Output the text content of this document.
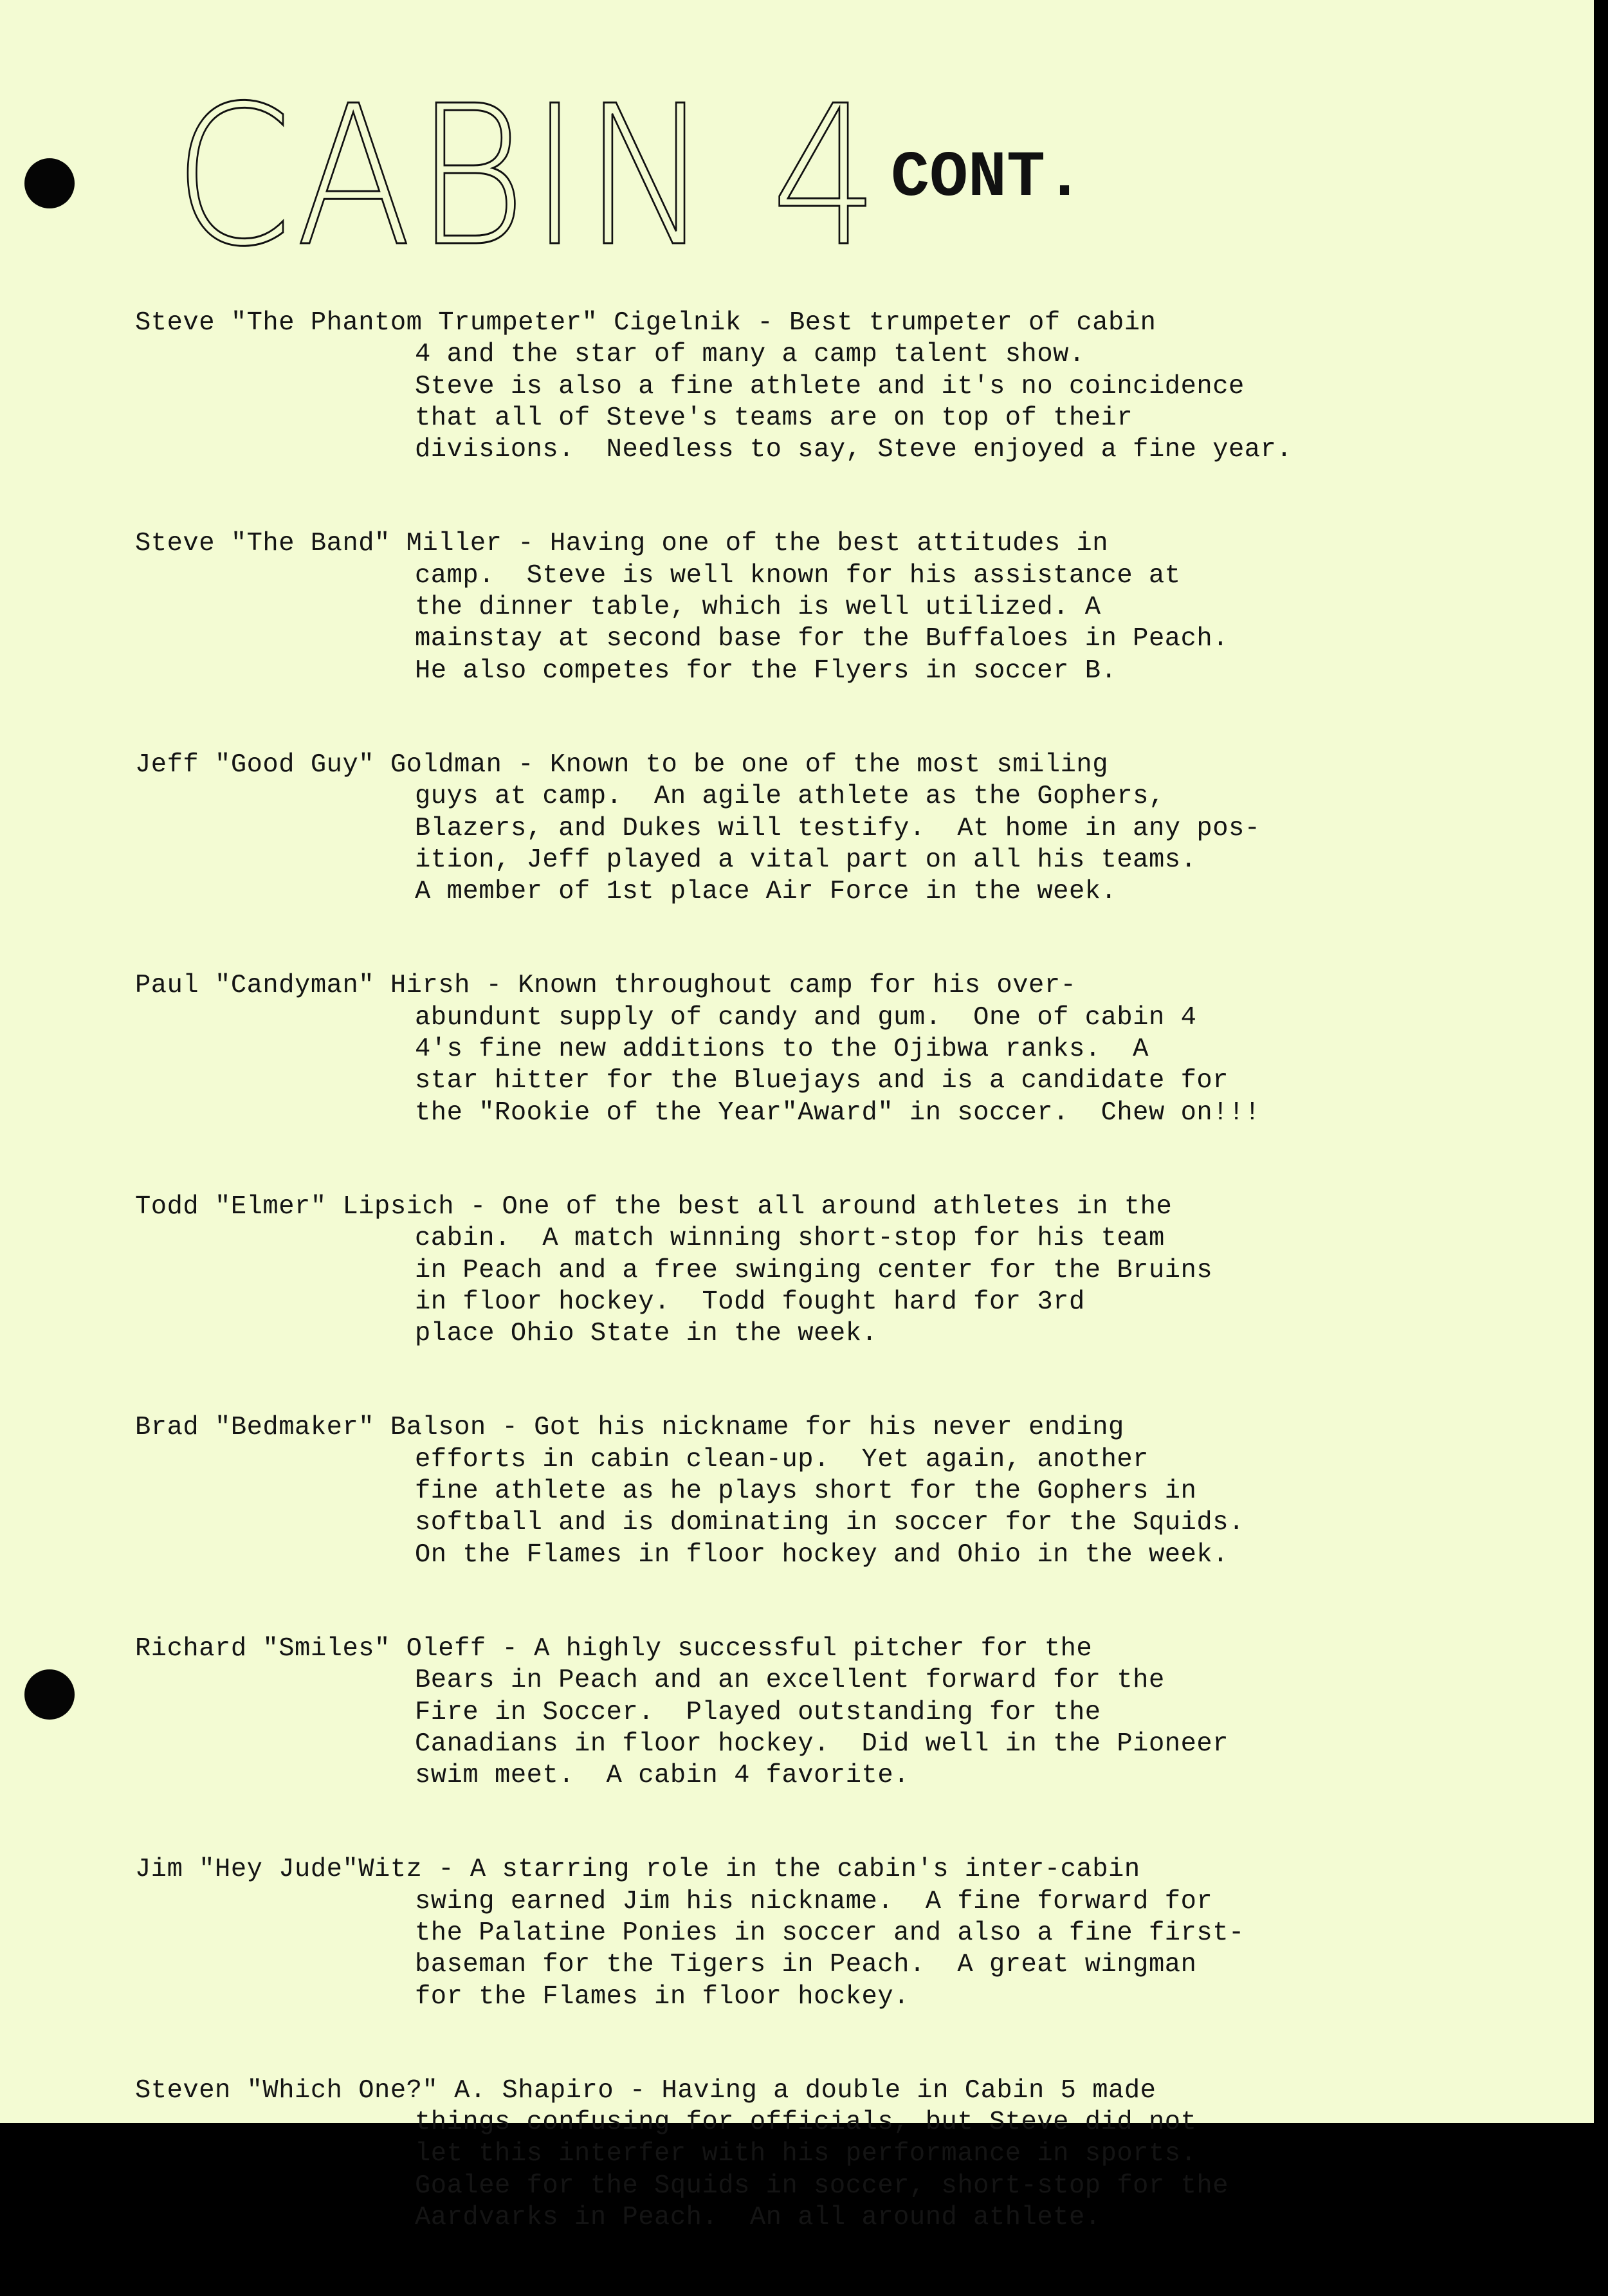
CABIN 4 CONT.

Steve "The Phantom Trumpeter" Cigelnik - Best trumpeter of cabin

4 and the star of many a camp talent show.

Steve is also a fine athlete and it's no coincidence

that all of Steve's teams are on top of their

divisions.  Needless to say, Steve enjoyed a fine year.

Steve "The Band" Miller - Having one of the best attitudes in

camp.  Steve is well known for his assistance at

the dinner table, which is well utilized. A

mainstay at second base for the Buffaloes in Peach.

He also competes for the Flyers in soccer B.

Jeff "Good Guy" Goldman - Known to be one of the most smiling

guys at camp.  An agile athlete as the Gophers,

Blazers, and Dukes will testify.  At home in any pos-

ition, Jeff played a vital part on all his teams.

A member of 1st place Air Force in the week.

Paul "Candyman" Hirsh - Known throughout camp for his over-

abundunt supply of candy and gum.  One of cabin 4

4's fine new additions to the Ojibwa ranks.  A

star hitter for the Bluejays and is a candidate for

the "Rookie of the Year"Award" in soccer.  Chew on!!!

Todd "Elmer" Lipsich - One of the best all around athletes in the

cabin.  A match winning short-stop for his team

in Peach and a free swinging center for the Bruins

in floor hockey.  Todd fought hard for 3rd

place Ohio State in the week.

Brad "Bedmaker" Balson - Got his nickname for his never ending

efforts in cabin clean-up.  Yet again, another

fine athlete as he plays short for the Gophers in

softball and is dominating in soccer for the Squids.

On the Flames in floor hockey and Ohio in the week.

Richard "Smiles" Oleff - A highly successful pitcher for the

Bears in Peach and an excellent forward for the

Fire in Soccer.  Played outstanding for the

Canadians in floor hockey.  Did well in the Pioneer

swim meet.  A cabin 4 favorite.

Jim "Hey Jude"Witz - A starring role in the cabin's inter-cabin

swing earned Jim his nickname.  A fine forward for

the Palatine Ponies in soccer and also a fine first-

baseman for the Tigers in Peach.  A great wingman

for the Flames in floor hockey.

Steven "Which One?" A. Shapiro - Having a double in Cabin 5 made

things confusing for officials, but Steve did not

let this interfer with his performance in sports.

Goalee for the Squids in soccer, short-stop for the

Aardvarks in Peach.  An all around athlete.
